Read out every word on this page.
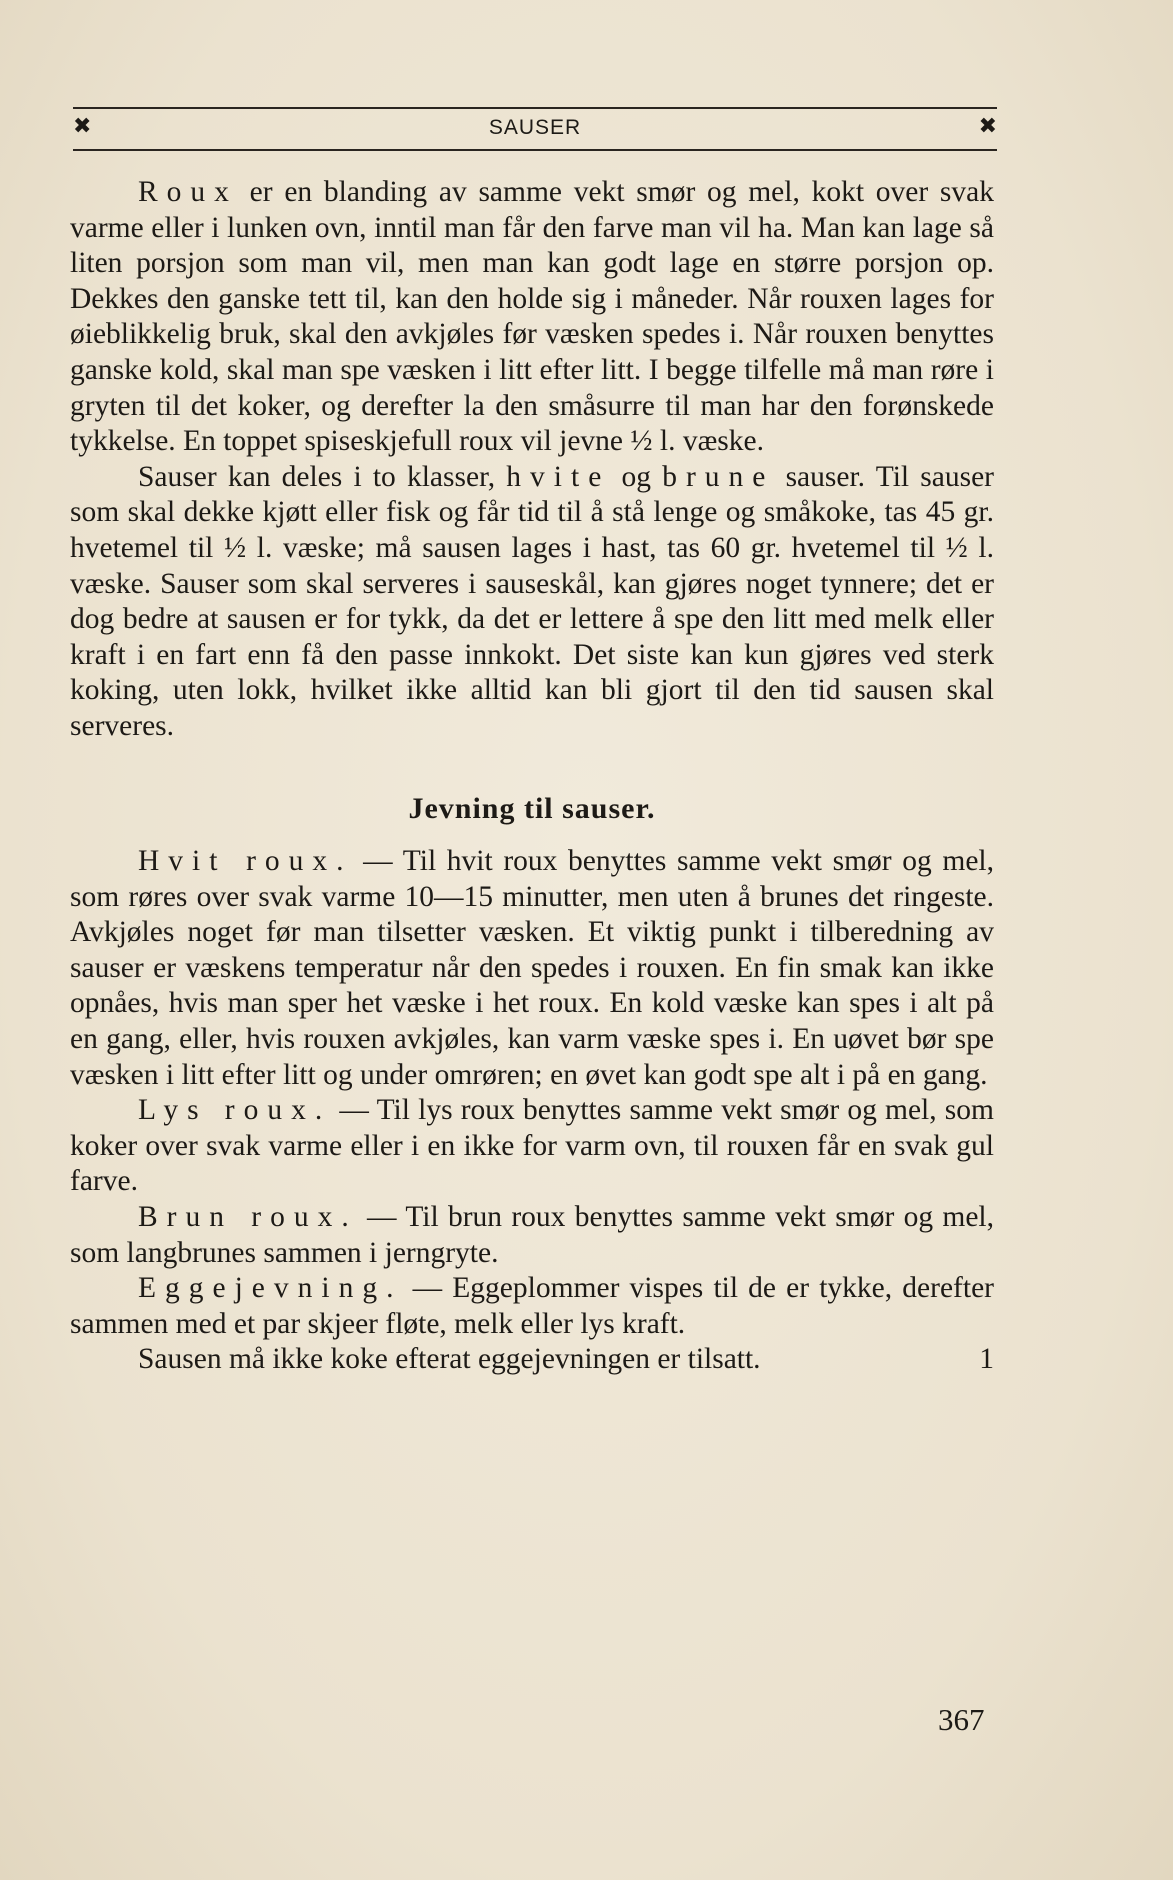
✖	SAUSER	✖

Roux er en blanding av samme vekt smør og mel, kokt over svak varme eller i lunken ovn, inntil man får den farve man vil ha. Man kan lage så liten porsjon som man vil, men man kan godt lage en større porsjon op. Dekkes den ganske tett til, kan den holde sig i måneder. Når rouxen lages for øieblikkelig bruk, skal den avkjøles før væsken spedes i. Når rouxen benyttes ganske kold, skal man spe væsken i litt efter litt. I begge tilfelle må man røre i gryten til det koker, og derefter la den småsurre til man har den forønskede tykkelse. En toppet spiseskjefull roux vil jevne ½ l. væske.

Sauser kan deles i to klasser, hvite og brune sauser. Til sauser som skal dekke kjøtt eller fisk og får tid til å stå lenge og småkoke, tas 45 gr. hvetemel til ½ l. væske; må sausen lages i hast, tas 60 gr. hvetemel til ½ l. væske. Sauser som skal serveres i sauseskål, kan gjøres noget tynnere; det er dog bedre at sausen er for tykk, da det er lettere å spe den litt med melk eller kraft i en fart enn få den passe innkokt. Det siste kan kun gjøres ved sterk koking, uten lokk, hvilket ikke alltid kan bli gjort til den tid sausen skal serveres.

Jevning til sauser.

Hvit roux. — Til hvit roux benyttes samme vekt smør og mel, som røres over svak varme 10—15 minutter, men uten å brunes det ringeste. Avkjøles noget før man tilsetter væsken. Et viktig punkt i tilberedning av sauser er væskens temperatur når den spedes i rouxen. En fin smak kan ikke opnåes, hvis man sper het væske i het roux. En kold væske kan spes i alt på en gang, eller, hvis rouxen avkjøles, kan varm væske spes i. En uøvet bør spe væsken i litt efter litt og under omrøren; en øvet kan godt spe alt i på en gang.

Lys roux. — Til lys roux benyttes samme vekt smør og mel, som koker over svak varme eller i en ikke for varm ovn, til rouxen får en svak gul farve.

Brun roux. — Til brun roux benyttes samme vekt smør og mel, som langbrunes sammen i jerngryte.

Eggejevning. — Eggeplommer vispes til de er tykke, derefter sammen med et par skjeer fløte, melk eller lys kraft.

Sausen må ikke koke efterat eggejevningen er tilsatt.	1

367
